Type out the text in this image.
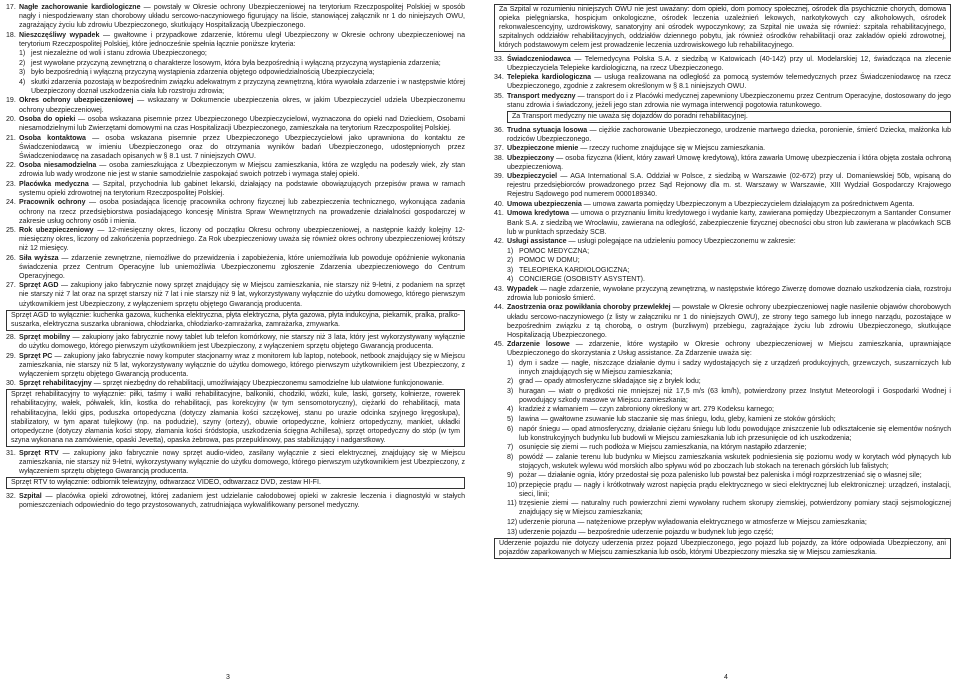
17. Nagłe zachorowanie kardiologiczne — powstały w Okresie ochrony Ubezpieczeniowej na terytorium Rzeczpospolitej Polskiej w sposób nagły i niespodziewany stan chorobowy układu sercowo-naczyniowego figurujący na liście, stanowiącej załącznik nr 1 do niniejszych OWU, zagrażający życiu lub zdrowiu Ubezpieczonego, skutkujący Hospitalizacją Ubezpieczonego.
18. Nieszczęśliwy wypadek — gwałtowne i przypadkowe zdarzenie, któremu uległ Ubezpieczony w Okresie ochrony ubezpieczeniowej na terytorium Rzeczpospolitej Polskiej, które jednocześnie spełnia łącznie poniższe kryteria:
1) jest niezależne od woli i stanu zdrowia Ubezpieczonego;
2) jest wywołane przyczyną zewnętrzną o charakterze losowym, która była bezpośrednią i wyłączną przyczyną wystąpienia zdarzenia;
3) było bezpośrednią i wyłączną przyczyną wystąpienia zdarzenia objętego odpowiedzialnością Ubezpieczyciela;
4) skutki zdarzenia pozostają w bezpośrednim związku adekwatnym z przyczyną zewnętrzną, która wywołała zdarzenie i w następstwie której Ubezpieczony doznał uszkodzenia ciała lub rozstroju zdrowia;
19. Okres ochrony ubezpieczeniowej — wskazany w Dokumencie ubezpieczenia okres, w jakim Ubezpieczyciel udziela Ubezpieczonemu ochrony ubezpieczeniowej.
20. Osoba do opieki — osoba wskazana pisemnie przez Ubezpieczonego Ubezpieczycielowi, wyznaczona do opieki nad Dzieckiem, Osobami niesamodzielnymi lub Zwierzętami domowymi na czas Hospitalizacji Ubezpieczonego, zamieszkała na terytorium Rzeczpospolitej Polskiej.
21. Osoba kontaktowa — osoba wskazana pisemnie przez Ubezpieczonego Ubezpieczycielowi jako uprawniona do kontaktu ze Świadczeniodawcą w imieniu Ubezpieczonego oraz do otrzymania wyników badań Ubezpieczonego, udostępnionych przez Świadczeniodawcę na zasadach opisanych w § 8.1 ust. 7 niniejszych OWU.
22. Osoba niesamodzielna — osoba zamieszkująca z Ubezpieczonym w Miejscu zamieszkania, która ze względu na podeszły wiek, zły stan zdrowia lub wady wrodzone nie jest w stanie samodzielnie zaspokajać swoich potrzeb i wymaga stałej opieki.
23. Placówka medyczna — Szpital, przychodnia lub gabinet lekarski, działający na podstawie obowiązujących przepisów prawa w ramach systemu opieki zdrowotnej na terytorium Rzeczpospolitej Polskiej.
24. Pracownik ochrony — osoba posiadająca licencję pracownika ochrony fizycznej lub zabezpieczenia technicznego, wykonująca zadania ochrony na rzecz przedsiębiorstwa posiadającego koncesję Ministra Spraw Wewnętrznych na prowadzenie działalności gospodarczej w zakresie usług ochrony osób i mienia.
25. Rok ubezpieczeniowy — 12-miesięczny okres, liczony od początku Okresu ochrony ubezpieczeniowej, a następnie każdy kolejny 12-miesięczny okres, liczony od zakończenia poprzedniego. Za Rok ubezpieczeniowy uważa się również okres ochrony ubezpieczeniowej krótszy niż 12 miesięcy.
26. Siła wyższa — zdarzenie zewnętrzne, niemożliwe do przewidzenia i zapobieżenia, które uniemożliwia lub powoduje opóźnienie wykonania świadczenia przez Centrum Operacyjne lub uniemożliwia Ubezpieczonemu zgłoszenie Zdarzenia ubezpieczeniowego do Centrum Operacyjnego.
27. Sprzęt AGD — zakupiony jako fabrycznie nowy sprzęt znajdujący się w Miejscu zamieszkania, nie starszy niż 9-letni, z podaniem na sprzęt nie starszy niż 7 lat oraz na sprzęt starszy niż 7 lat i nie starszy niż 9 lat, wykorzystywany wyłącznie do użytku domowego, którego pierwszym użytkownikiem jest Ubezpieczony, z wyłączeniem sprzętu objętego Gwarancją producenta.
Sprzęt AGD to wyłącznie: kuchenka gazowa, kuchenka elektryczna, płyta elektryczna, płyta gazowa, płyta indukcyjna, piekarnik, pralka, pralko-suszarka, elektryczna suszarka ubraniowa, chłodziarka, chłodziarko-zamrażarka, zamrażarka, zmywarka.
28. Sprzęt mobilny — zakupiony jako fabrycznie nowy tablet lub telefon komórkowy, nie starszy niż 3 lata, który jest wykorzystywany wyłącznie do użytku domowego, którego pierwszym użytkownikiem jest Ubezpieczony, z wyłączeniem sprzętu objętego Gwarancją producenta.
29. Sprzęt PC — zakupiony jako fabrycznie nowy komputer stacjonarny wraz z monitorem lub laptop, notebook, netbook znajdujący się w Miejscu zamieszkania, nie starszy niż 5 lat, wykorzystywany wyłącznie do użytku domowego, którego pierwszym użytkownikiem jest Ubezpieczony, z wyłączeniem sprzętu objętego Gwarancją producenta.
30. Sprzęt rehabilitacyjny — sprzęt niezbędny do rehabilitacji, umożliwiający Ubezpieczonemu samodzielne lub ułatwione funkcjonowanie.
Sprzęt rehabilitacyjny to wyłącznie: piłki, taśmy i wałki rehabilitacyjne, balkoniki, chodziki, wózki, kule, laski, gorsety, kołnierze, rowerek rehabilitacyjny, wałek, półwałek, klin, kostka do rehabilitacji, pas korekcyjny (w tym sensomotoryczny), ciężarki do rehabilitacji, mata rehabilitacyjna, lekki gips, poduszka ortopedyczna (dotyczy złamania kości szczękowej, stanu po urazie odcinka szyjnego kręgosłupa), stabilizatory, w tym aparat tulejkowy (np. na podudzie), szyny (ortezy), obuwie ortopedyczne, kołnierz ortopedyczny, mankiet, układki ortopedyczne (dotyczy złamania kości stopy, złamania kości śródstopia, uszkodzenia ścięgna Achillesa), sprzęt ortopedyczny do stóp (w tym szyna wykonana na zamówienie, opaski Jevetta), opaska żebrowa, pas przepuklinowy, pas stabilizujący i nadgarstkowy.
31. Sprzęt RTV — zakupiony jako fabrycznie nowy sprzęt audio-video, zasilany wyłącznie z sieci elektrycznej, znajdujący się w Miejscu zamieszkania, nie starszy niż 9-letni, wykorzystywany wyłącznie do użytku domowego, którego pierwszym użytkownikiem jest Ubezpieczony, z wyłączeniem sprzętu objętego Gwarancją producenta.
Sprzęt RTV to wyłącznie: odbiornik telewizyjny, odtwarzacz VIDEO, odtwarzacz DVD, zestaw HI-FI.
32. Szpital — placówka opieki zdrowotnej, której zadaniem jest udzielanie całodobowej opieki w zakresie leczenia i diagnostyki w stałych pomieszczeniach odpowiednio do tego przystosowanych, zatrudniająca wykwalifikowany personel medyczny.
Za Szpital w rozumieniu niniejszych OWU nie jest uważany: dom opieki, dom pomocy społecznej, ośrodek dla psychicznie chorych, domowa opieka pielęgniarska, hospicjum onkologiczne, ośrodek leczenia uzależnień lekowych, narkotykowych czy alkoholowych, ośrodek rekonwalescencyjny, uzdrowiskowy, sanatoryjny ani ośrodek wypoczynkowy; za Szpital nie uważa się również: szpitala rehabilitacyjnego, szpitalnych oddziałów rehabilitacyjnych, oddziałów dziennego pobytu, jak również ośrodków rehabilitacji oraz zakładów opieki zdrowotnej, których podstawowym celem jest prowadzenie leczenia uzdrowiskowego lub rehabilitacyjnego.
33. Świadczeniodawca — Telemedycyna Polska S.A. z siedzibą w Katowicach (40-142) przy ul. Modelarskiej 12, świadcząca na zlecenie Ubezpieczyciela Telepieke kardiologiczną, na rzecz Ubezpieczonego.
34. Telepieka kardiologiczna — usługa realizowana na odległość za pomocą systemów telemedycznych przez Świadczeniodawcę na rzecz Ubezpieczonego, zgodnie z zakresem określonym w § 8.1 niniejszych OWU.
35. Transport medyczny — transport do i z Placówki medycznej zapewniony Ubezpieczonemu przez Centrum Operacyjne, dostosowany do jego stanu zdrowia i świadczony, jeżeli jego stan zdrowia nie wymaga interwencji pogotowia ratunkowego.
Za Transport medyczny nie uważa się dojazdów do poradni rehabilitacyjnej.
36. Trudna sytuacja losowa — ciężkie zachorowanie Ubezpieczonego, urodzenie martwego dziecka, poronienie, śmierć Dziecka, małżonka lub rodziców Ubezpieczonego.
37. Ubezpieczone mienie — rzeczy ruchome znajdujące się w Miejscu zamieszkania.
38. Ubezpieczony — osoba fizyczna (klient, który zawarł Umowę kredytową), która zawarła Umowę ubezpieczenia i która objęta została ochroną ubezpieczeniową.
39. Ubezpieczyciel — AGA International S.A. Oddział w Polsce, z siedzibą w Warszawie (02-672) przy ul. Domaniewskiej 50b, wpisaną do rejestru przedsiębiorców prowadzonego przez Sąd Rejonowy dla m. st. Warszawy w Warszawie, XIII Wydział Gospodarczy Krajowego Rejestru Sądowego pod numerem 0000189340.
40. Umowa ubezpieczenia — umowa zawarta pomiędzy Ubezpieczonym a Ubezpieczycielem działającym za pośrednictwem Agenta.
41. Umowa kredytowa — umowa o przyznaniu limitu kredytowego i wydanie karty, zawierana pomiędzy Ubezpieczonym a Santander Consumer Bank S.A. z siedzibą we Wrocławiu, zawierana na odległość, zabezpieczenie fizycznej obecności obu stron lub zawierana w placówkach SCB lub w punktach sprzedaży SCB.
42. Usługi assistance — usługi polegające na udzieleniu pomocy Ubezpieczonemu w zakresie:
1) POMOC MEDYCZNA;
2) POMOC W DOMU;
3) TELEOPIEKA KARDIOLOGICZNA;
4) CONCIERGE (OSOBISTY ASYSTENT).
43. Wypadek — nagłe zdarzenie, wywołane przyczyną zewnętrzną, w następstwie którego Ziwerzę domowe doznało uszkodzenia ciała, rozstroju zdrowia lub poniosło śmierć.
44. Zaostrzenia oraz powikłania choroby przewlekłej — powstałe w Okresie ochrony ubezpieczeniowej nagłe nasilenie objawów chorobowych układu sercowo-naczyniowego (z listy w załączniku nr 1 do niniejszych OWU), ze strony tego samego lub innego narządu, pozostające w bezpośrednim związku z tą chorobą, o ostrym (burzliwym) przebiegu, zagrażające życiu lub zdrowiu Ubezpieczonego, skutkujące Hospitalizacją Ubezpieczonego.
45. Zdarzenie losowe — zdarzenie, które wystąpiło w Okresie ochrony ubezpieczeniowej w Miejscu zamieszkania, uprawniające Ubezpieczonego do skorzystania z Usług assistance. Za Zdarzenie uważa się:
1) dym i sadze — nagłe, niszczące działanie dymu i sadzy wydostających się z urządzeń produkcyjnych, grzewczych, suszarniczych lub innych znajdujących się w Miejscu zamieszkania;
2) grad — opady atmosferyczne składające się z bryłek lodu;
3) huragan — wiatr o prędkości nie mniejszej niż 17,5 m/s (63 km/h), potwierdzony przez Instytut Meteorologii i Gospodarki Wodnej i powodujący szkody masowe w Miejscu zamieszkania;
4) kradzież z włamaniem — czyn zabroniony określony w art. 279 Kodeksu karnego;
5) lawina — gwałtowne zsuwanie lub staczanie się mas śniegu, lodu, gleby, kamieni ze stoków górskich;
6) napór śniegu — opad atmosferyczny, działanie ciężaru śniegu lub lodu powodujące zniszczenie lub odkształcenie się elementów nośnych lub konstrukcyjnych budynku lub budowli w Miejscu zamieszkania lub ich przesunięcie od ich uszkodzenia;
7) osunięcie się ziemi — ruch podłoża w Miejscu zamieszkania, na którym nastąpiło zdarzenie;
8) powódź — zalanie terenu lub budynku w Miejscu zamieszkania wskutek podniesienia się poziomu wody w korytach wód płynących lub stojących, wskutek wylewu wód morskich albo spływu wód po zboczach lub stokach na terenach górskich lub falistych;
9) pożar — działanie ognia, który przedostał się poza palenisko lub powstał bez paleniska i mógł rozprzestrzeniać się o własnej sile;
10) przepięcie prądu — nagły i krótkotrwały wzrost napięcia prądu elektrycznego w sieci elektrycznej lub elektronicznej: urządzeń, instalacji, sieci, linii;
11) trzęsienie ziemi — naturalny ruch powierzchni ziemi wywołany ruchem skorupy ziemskiej, potwierdzony pomiary stacji sejsmologicznej znajdujący się w Miejscu zamieszkania;
12) uderzenie pioruna — natężeniowe przepływ wyładowania elektrycznego w atmosferze w Miejscu zamieszkania;
13) uderzenie pojazdu — bezpośrednie uderzenie pojazdu w budynek lub jego część;
Uderzenie pojazdu nie dotyczy uderzenia przez pojazd Ubezpieczonego, jego pojazd lub pojazdy, za które odpowiada Ubezpieczony, ani pojazdów zaparkowanych w Miejscu zamieszkania lub osób, którymi Ubezpieczony mieszka się w Miejscu zamieszkania.
3	4
